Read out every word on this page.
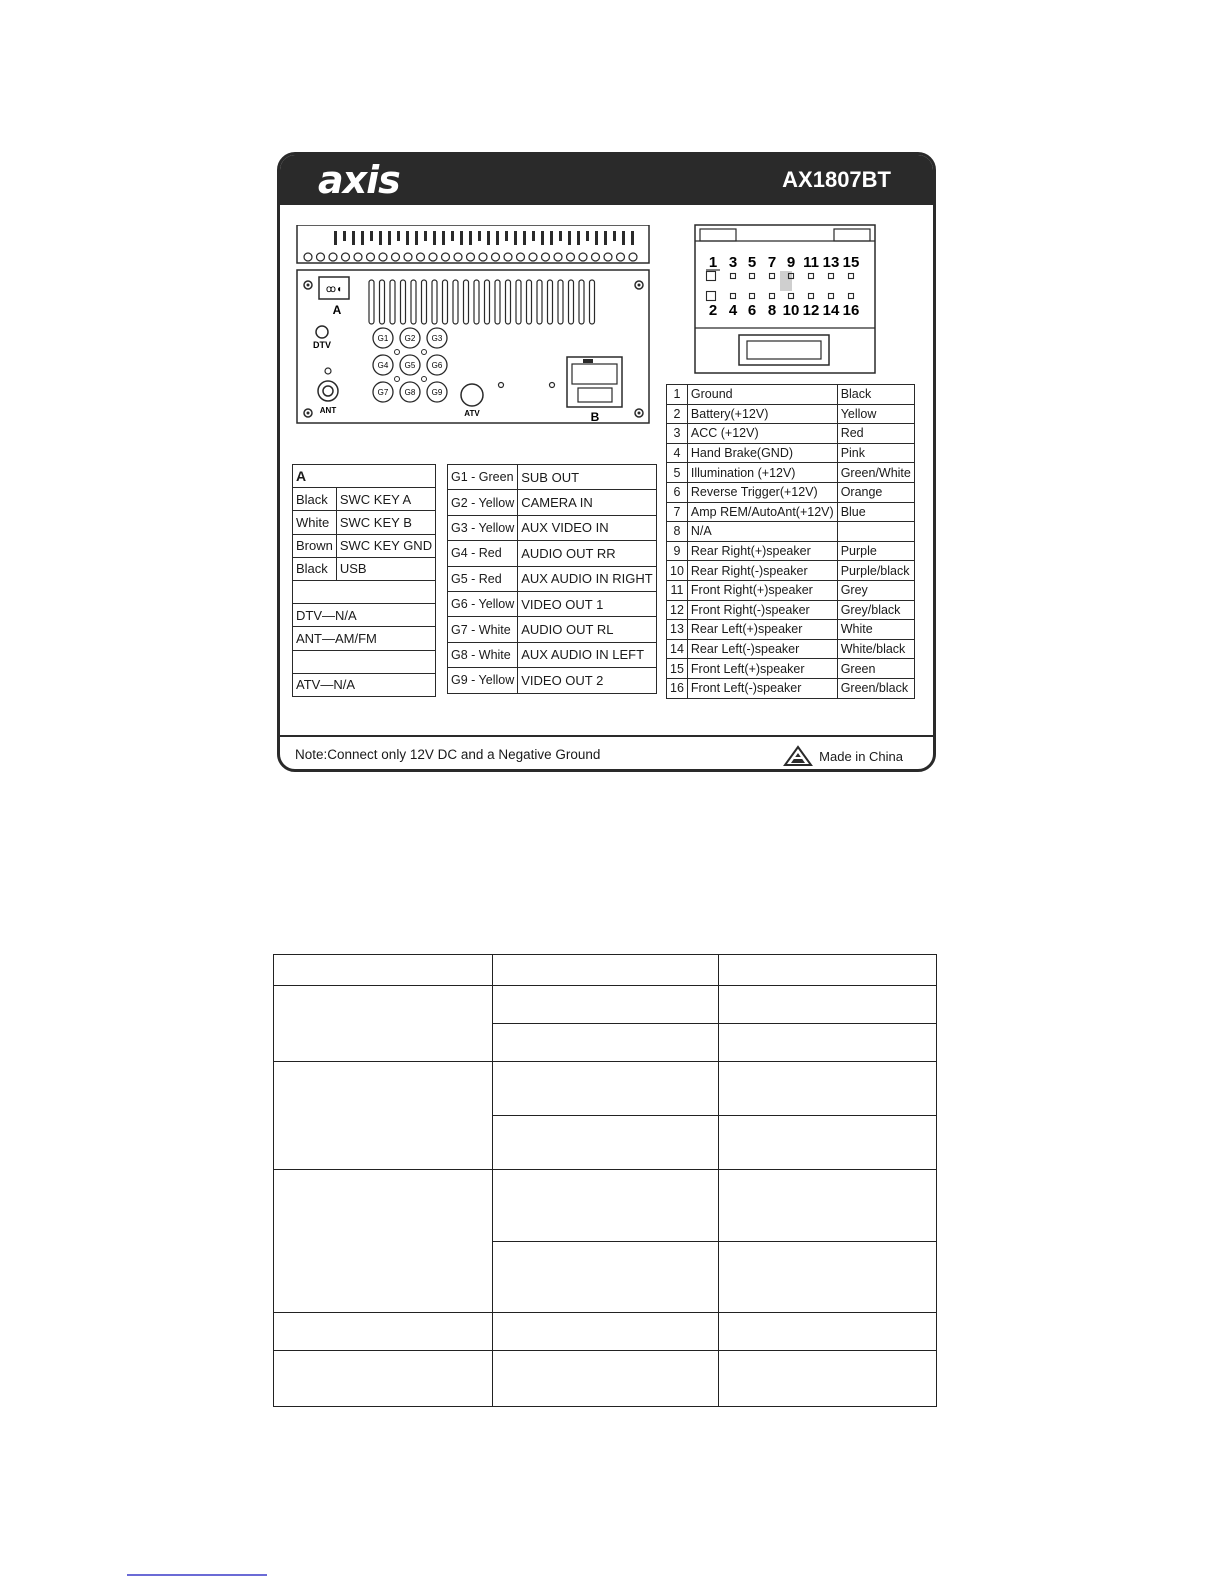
axis	AX1807BT
ꝏ◖
A
DTV
ANT
G1 G2 G3
G4 G5 G6
G7 G8 G9
ATV	B
1 3 5 7 9 11 13 15
2 4 6 8 10 12 14 16
A	
Black	SWC KEY A
White	SWC KEY B
Brown	SWC KEY GND
Black	USB

DTV—N/A	
ANT—AM/FM	

ATV—N/A	
G1 - Green	SUB OUT
G2 - Yellow	CAMERA IN
G3 - Yellow	AUX VIDEO IN
G4 - Red	AUDIO OUT RR
G5 - Red	AUX AUDIO IN RIGHT
G6 - Yellow	VIDEO OUT 1
G7 - White	AUDIO OUT RL
G8 - White	AUX AUDIO IN LEFT
G9 - Yellow	VIDEO OUT 2
1	Ground	Black
2	Battery(+12V)	Yellow
3	ACC (+12V)	Red
4	Hand Brake(GND)	Pink
5	Illumination (+12V)	Green/White
6	Reverse Trigger(+12V)	Orange
7	Amp REM/AutoAnt(+12V)	Blue
8	N/A	
9	Rear Right(+)speaker	Purple
10	Rear Right(-)speaker	Purple/black
11	Front Right(+)speaker	Grey
12	Front Right(-)speaker	Grey/black
13	Rear Left(+)speaker	White
14	Rear Left(-)speaker	White/black
15	Front Left(+)speaker	Green
16	Front Left(-)speaker	Green/black
Note:Connect only 12V DC and a Negative Ground	Made in China
